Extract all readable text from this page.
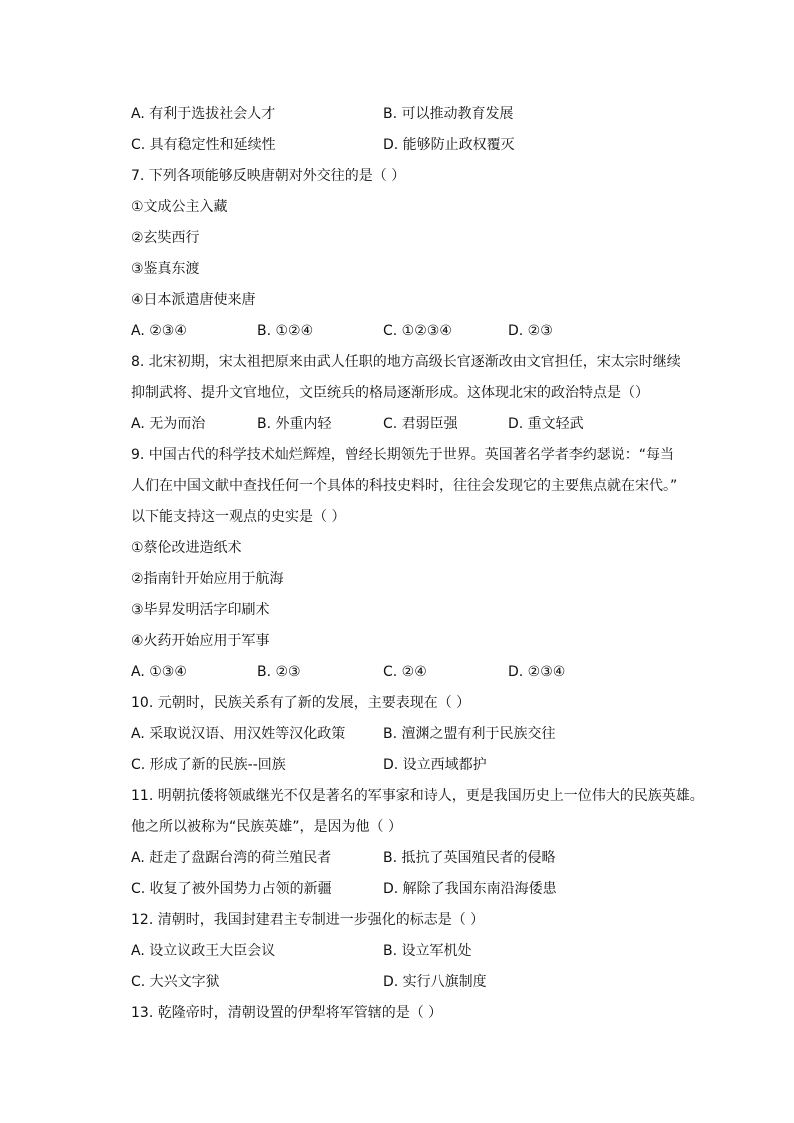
A. 有利于选拔社会人才	B. 可以推动教育发展
C. 具有稳定性和延续性	D. 能够防止政权覆灭
7. 下列各项能够反映唐朝对外交往的是（ ）
①文成公主入藏
②玄奘西行
③鉴真东渡
④日本派遣唐使来唐
A. ②③④	B. ①②④	C. ①②③④	D. ②③
8. 北宋初期，宋太祖把原来由武人任职的地方高级长官逐渐改由文官担任，宋太宗时继续
抑制武将、提升文官地位，文臣统兵的格局逐渐形成。这体现北宋的政治特点是（）
A. 无为而治	B. 外重内轻	C. 君弱臣强	D. 重文轻武
9. 中国古代的科学技术灿烂辉煌，曾经长期领先于世界。英国著名学者李约瑟说：“每当
人们在中国文献中查找任何一个具体的科技史料时，往往会发现它的主要焦点就在宋代。”
以下能支持这一观点的史实是（ ）
①蔡伦改进造纸术
②指南针开始应用于航海
③毕昇发明活字印刷术
④火药开始应用于军事
A. ①③④	B. ②③	C. ②④	D. ②③④
10. 元朝时，民族关系有了新的发展，主要表现在（ ）
A. 采取说汉语、用汉姓等汉化政策	B. 澶渊之盟有利于民族交往
C. 形成了新的民族--回族	D. 设立西域都护
11. 明朝抗倭将领戚继光不仅是著名的军事家和诗人，更是我国历史上一位伟大的民族英雄。
他之所以被称为“民族英雄”，是因为他（ ）
A. 赶走了盘踞台湾的荷兰殖民者	B. 抵抗了英国殖民者的侵略
C. 收复了被外国势力占领的新疆	D. 解除了我国东南沿海倭患
12. 清朝时，我国封建君主专制进一步强化的标志是（ ）
A. 设立议政王大臣会议	B. 设立军机处
C. 大兴文字狱	D. 实行八旗制度
13. 乾隆帝时，清朝设置的伊犁将军管辖的是（ ）
